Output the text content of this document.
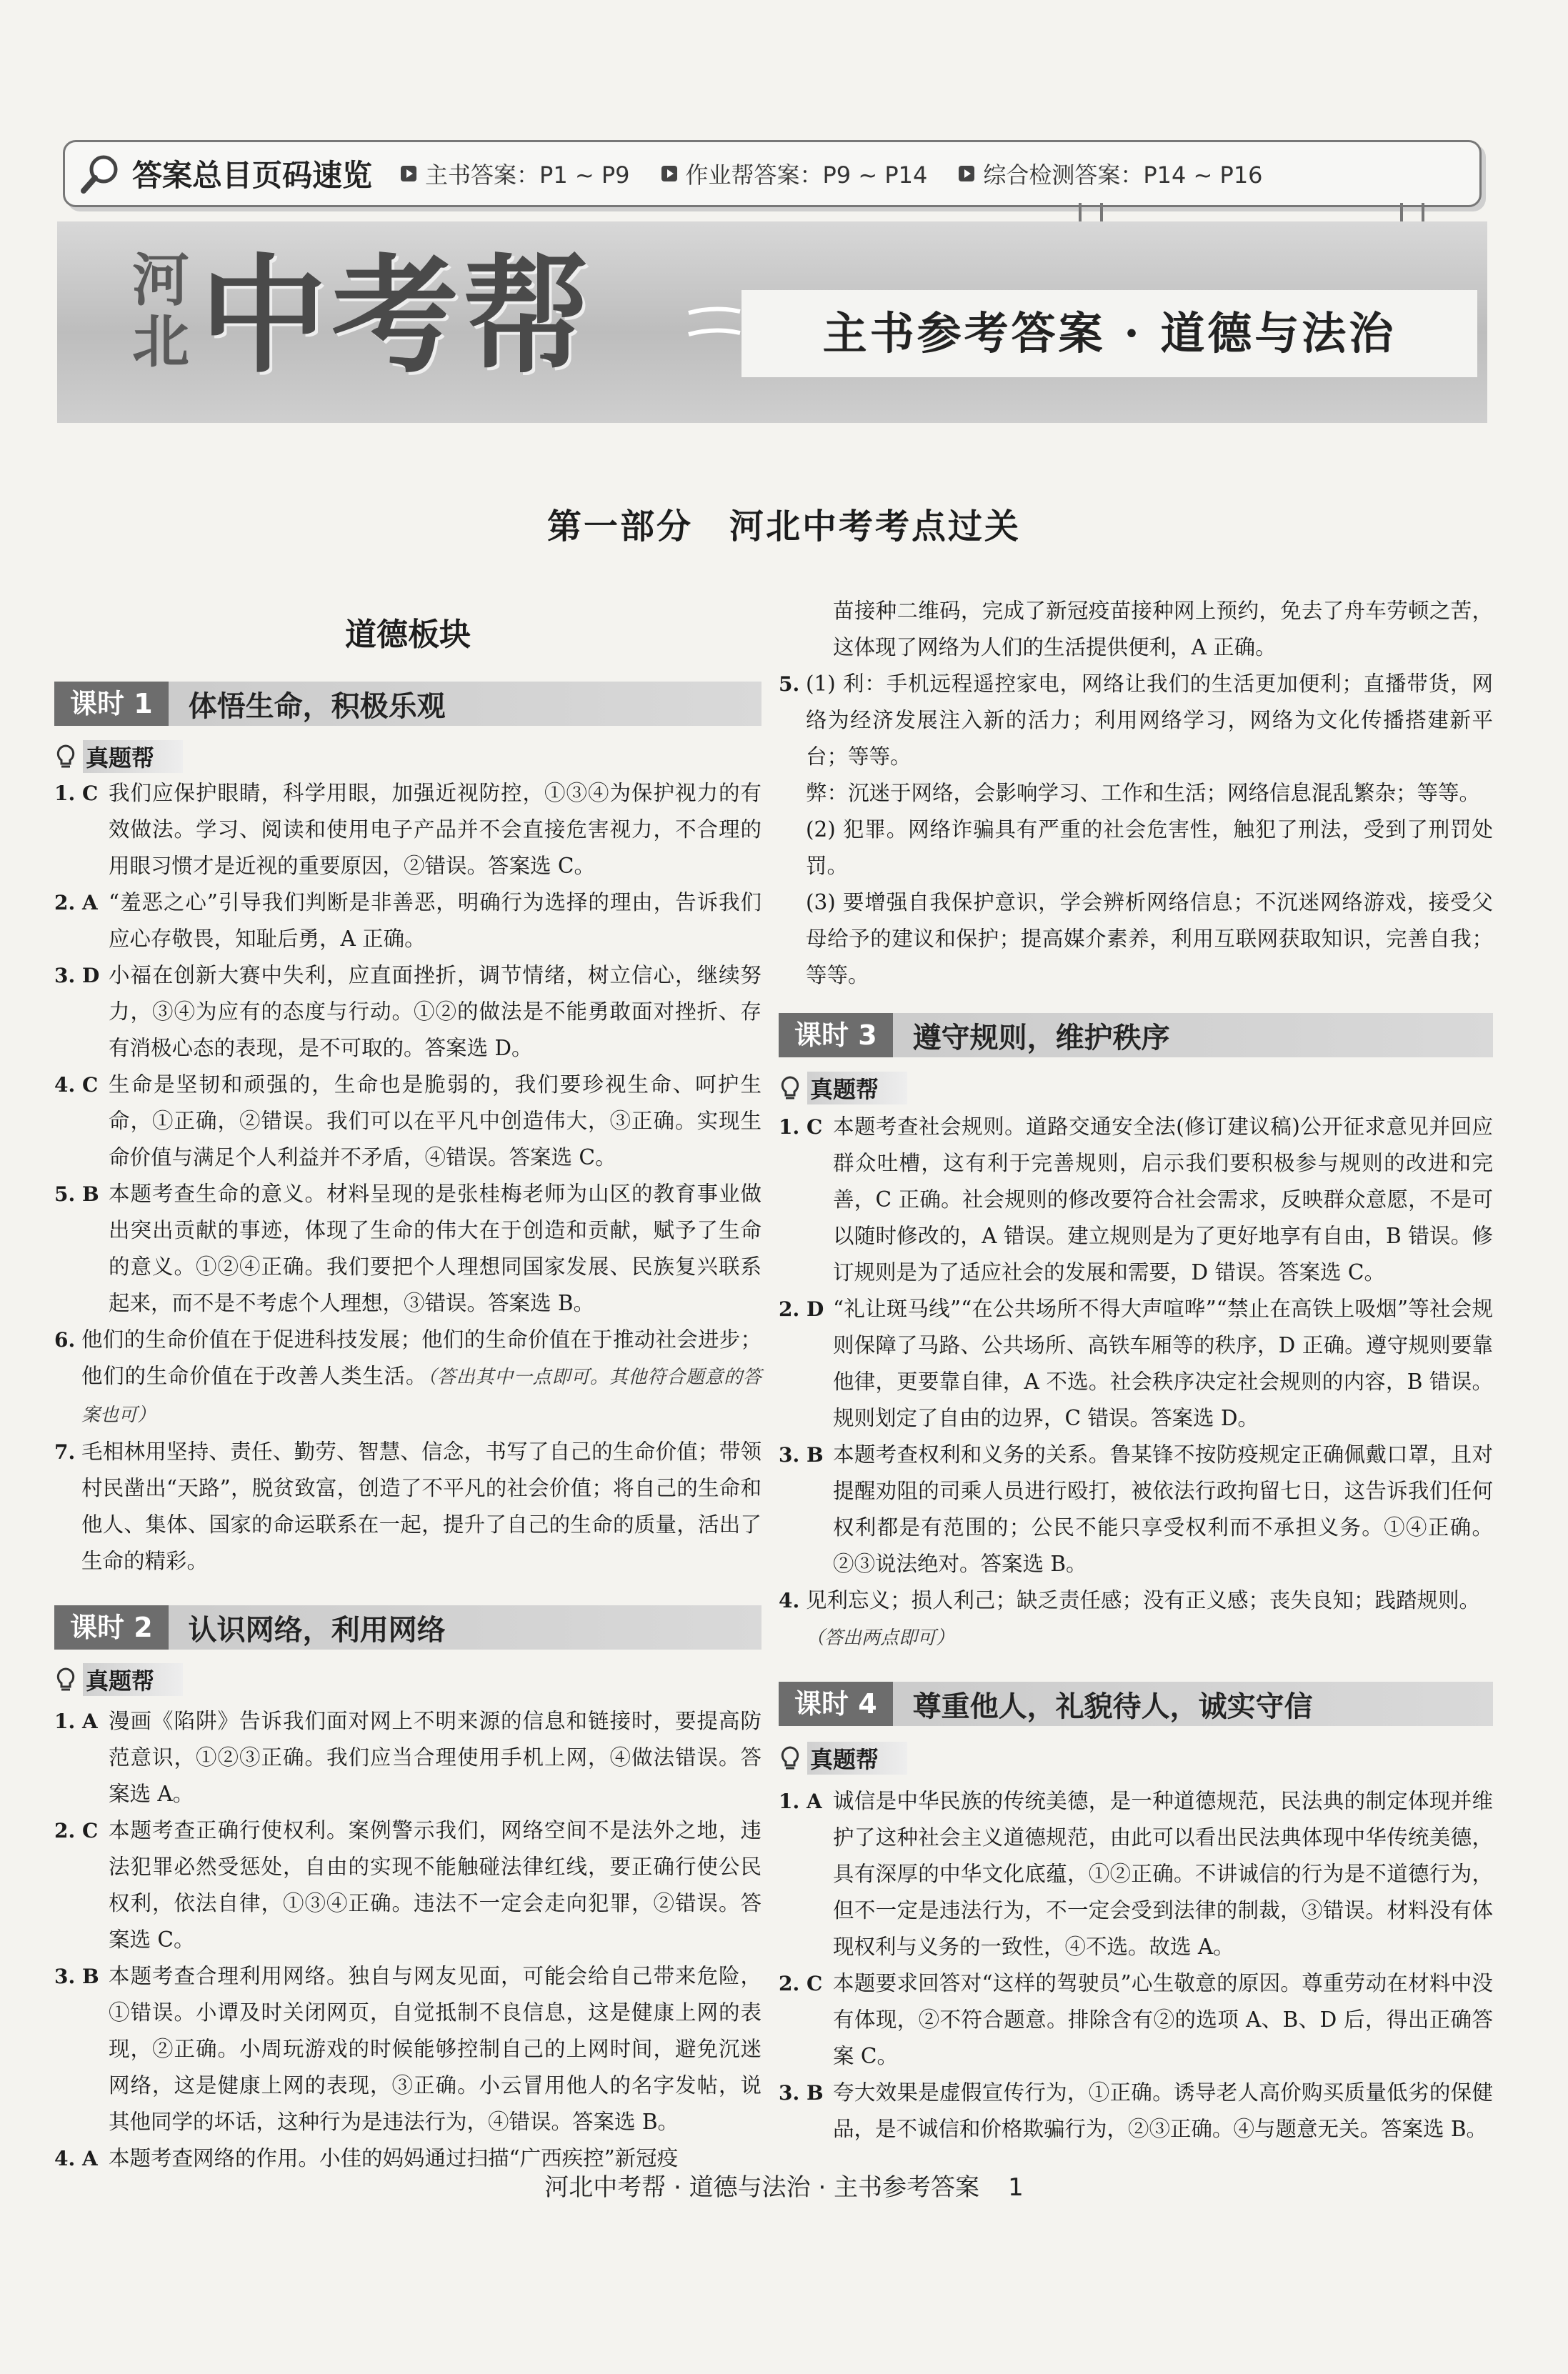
答案总目页码速览 主书答案：P1 ~ P9 作业帮答案：P9 ~ P14 综合检测答案：P14 ~ P16
河北 中考帮	主书参考答案 · 道德与法治
第一部分　河北中考考点过关
道德板块
课时 1	体悟生命，积极乐观
真题帮
1. C 我们应保护眼睛，科学用眼，加强近视防控，①③④为保护视力的有效做法。学习、阅读和使用电子产品并不会直接危害视力，不合理的用眼习惯才是近视的重要原因，②错误。答案选 C。
2. A “羞恶之心”引导我们判断是非善恶，明确行为选择的理由，告诉我们应心存敬畏，知耻后勇，A 正确。
3. D 小福在创新大赛中失利，应直面挫折，调节情绪，树立信心，继续努力，③④为应有的态度与行动。①②的做法是不能勇敢面对挫折、存有消极心态的表现，是不可取的。答案选 D。
4. C 生命是坚韧和顽强的，生命也是脆弱的，我们要珍视生命、呵护生命，①正确，②错误。我们可以在平凡中创造伟大，③正确。实现生命价值与满足个人利益并不矛盾，④错误。答案选 C。
5. B 本题考查生命的意义。材料呈现的是张桂梅老师为山区的教育事业做出突出贡献的事迹，体现了生命的伟大在于创造和贡献，赋予了生命的意义。①②④正确。我们要把个人理想同国家发展、民族复兴联系起来，而不是不考虑个人理想，③错误。答案选 B。
6. 他们的生命价值在于促进科技发展；他们的生命价值在于推动社会进步；他们的生命价值在于改善人类生活。（答出其中一点即可。其他符合题意的答案也可）
7. 毛相林用坚持、责任、勤劳、智慧、信念，书写了自己的生命价值；带领村民凿出“天路”，脱贫致富，创造了不平凡的社会价值；将自己的生命和他人、集体、国家的命运联系在一起，提升了自己的生命的质量，活出了生命的精彩。
课时 2	认识网络，利用网络
真题帮
1. A 漫画《陷阱》告诉我们面对网上不明来源的信息和链接时，要提高防范意识，①②③正确。我们应当合理使用手机上网，④做法错误。答案选 A。
2. C 本题考查正确行使权利。案例警示我们，网络空间不是法外之地，违法犯罪必然受惩处，自由的实现不能触碰法律红线，要正确行使公民权利，依法自律，①③④正确。违法不一定会走向犯罪，②错误。答案选 C。
3. B 本题考查合理利用网络。独自与网友见面，可能会给自己带来危险，①错误。小谭及时关闭网页，自觉抵制不良信息，这是健康上网的表现，②正确。小周玩游戏的时候能够控制自己的上网时间，避免沉迷网络，这是健康上网的表现，③正确。小云冒用他人的名字发帖，说其他同学的坏话，这种行为是违法行为，④错误。答案选 B。
4. A 本题考查网络的作用。小佳的妈妈通过扫描“广西疾控”新冠疫
苗接种二维码，完成了新冠疫苗接种网上预约，免去了舟车劳顿之苦，这体现了网络为人们的生活提供便利，A 正确。
5. (1) 利：手机远程遥控家电，网络让我们的生活更加便利；直播带货，网络为经济发展注入新的活力；利用网络学习，网络为文化传播搭建新平台；等等。
弊：沉迷于网络，会影响学习、工作和生活；网络信息混乱繁杂；等等。
(2) 犯罪。网络诈骗具有严重的社会危害性，触犯了刑法，受到了刑罚处罚。
(3) 要增强自我保护意识，学会辨析网络信息；不沉迷网络游戏，接受父母给予的建议和保护；提高媒介素养，利用互联网获取知识，完善自我；等等。
课时 3	遵守规则，维护秩序
真题帮
1. C 本题考查社会规则。道路交通安全法(修订建议稿)公开征求意见并回应群众吐槽，这有利于完善规则，启示我们要积极参与规则的改进和完善，C 正确。社会规则的修改要符合社会需求，反映群众意愿，不是可以随时修改的，A 错误。建立规则是为了更好地享有自由，B 错误。修订规则是为了适应社会的发展和需要，D 错误。答案选 C。
2. D “礼让斑马线”“在公共场所不得大声喧哗”“禁止在高铁上吸烟”等社会规则保障了马路、公共场所、高铁车厢等的秩序，D 正确。遵守规则要靠他律，更要靠自律，A 不选。社会秩序决定社会规则的内容，B 错误。规则划定了自由的边界，C 错误。答案选 D。
3. B 本题考查权利和义务的关系。鲁某锋不按防疫规定正确佩戴口罩，且对提醒劝阻的司乘人员进行殴打，被依法行政拘留七日，这告诉我们任何权利都是有范围的；公民不能只享受权利而不承担义务。①④正确。②③说法绝对。答案选 B。
4. 见利忘义；损人利己；缺乏责任感；没有正义感；丧失良知；践踏规则。
（答出两点即可）
课时 4	尊重他人，礼貌待人，诚实守信
真题帮
1. A 诚信是中华民族的传统美德，是一种道德规范，民法典的制定体现并维护了这种社会主义道德规范，由此可以看出民法典体现中华传统美德，具有深厚的中华文化底蕴，①②正确。不讲诚信的行为是不道德行为，但不一定是违法行为，不一定会受到法律的制裁，③错误。材料没有体现权利与义务的一致性，④不选。故选 A。
2. C 本题要求回答对“这样的驾驶员”心生敬意的原因。尊重劳动在材料中没有体现，②不符合题意。排除含有②的选项 A、B、D 后，得出正确答案 C。
3. B 夸大效果是虚假宣传行为，①正确。诱导老人高价购买质量低劣的保健品，是不诚信和价格欺骗行为，②③正确。④与题意无关。答案选 B。
河北中考帮 · 道德与法治 · 主书参考答案 1
